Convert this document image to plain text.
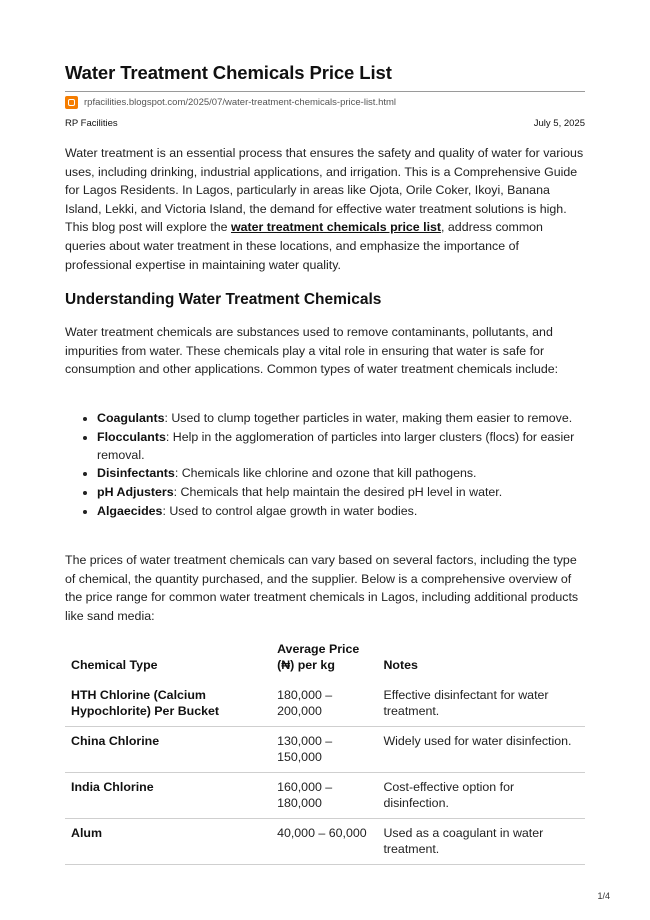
Water Treatment Chemicals Price List
rpfacilities.blogspot.com/2025/07/water-treatment-chemicals-price-list.html
RP Facilities	July 5, 2025

Water treatment is an essential process that ensures the safety and quality of water for various uses, including drinking, industrial applications, and irrigation. This is a Comprehensive Guide for Lagos Residents. In Lagos, particularly in areas like Ojota, Orile Coker, Ikoyi, Banana Island, Lekki, and Victoria Island, the demand for effective water treatment solutions is high. This blog post will explore the water treatment chemicals price list, address common queries about water treatment in these locations, and emphasize the importance of professional expertise in maintaining water quality.

Understanding Water Treatment Chemicals

Water treatment chemicals are substances used to remove contaminants, pollutants, and impurities from water. These chemicals play a vital role in ensuring that water is safe for consumption and other applications. Common types of water treatment chemicals include:

• Coagulants: Used to clump together particles in water, making them easier to remove.
• Flocculants: Help in the agglomeration of particles into larger clusters (flocs) for easier removal.
• Disinfectants: Chemicals like chlorine and ozone that kill pathogens.
• pH Adjusters: Chemicals that help maintain the desired pH level in water.
• Algaecides: Used to control algae growth in water bodies.

The prices of water treatment chemicals can vary based on several factors, including the type of chemical, the quantity purchased, and the supplier. Below is a comprehensive overview of the price range for common water treatment chemicals in Lagos, including additional products like sand media:

Chemical Type	Average Price (₦) per kg	Notes
HTH Chlorine (Calcium Hypochlorite) Per Bucket	180,000 – 200,000	Effective disinfectant for water treatment.
China Chlorine	130,000 – 150,000	Widely used for water disinfection.
India Chlorine	160,000 – 180,000	Cost-effective option for disinfection.
Alum	40,000 – 60,000	Used as a coagulant in water treatment.
1/4
